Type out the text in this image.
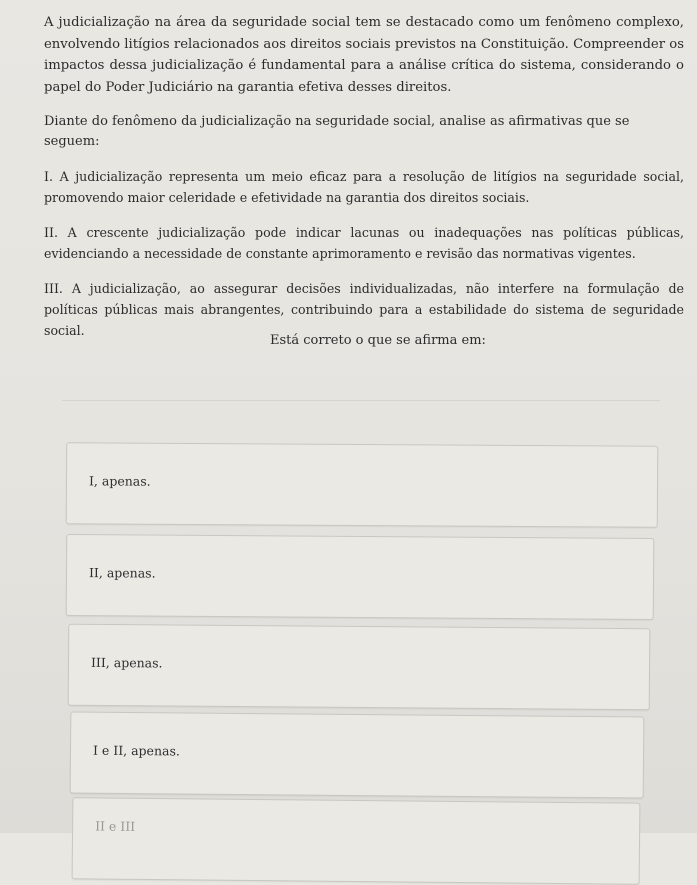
A judicialização na área da seguridade social tem se destacado como um fenômeno complexo, envolvendo litígios relacionados aos direitos sociais previstos na Constituição. Compreender os impactos dessa judicialização é fundamental para a análise crítica do sistema, considerando o papel do Poder Judiciário na garantia efetiva desses direitos.

Diante do fenômeno da judicialização na seguridade social, analise as afirmativas que se seguem:

I. A judicialização representa um meio eficaz para a resolução de litígios na seguridade social, promovendo maior celeridade e efetividade na garantia dos direitos sociais.

II. A crescente judicialização pode indicar lacunas ou inadequações nas políticas públicas, evidenciando a necessidade de constante aprimoramento e revisão das normativas vigentes.

III. A judicialização, ao assegurar decisões individualizadas, não interfere na formulação de políticas públicas mais abrangentes, contribuindo para a estabilidade do sistema de seguridade social.

Está correto o que se afirma em:
I, apenas.
II, apenas.
III, apenas.
I e II, apenas.
II e III
